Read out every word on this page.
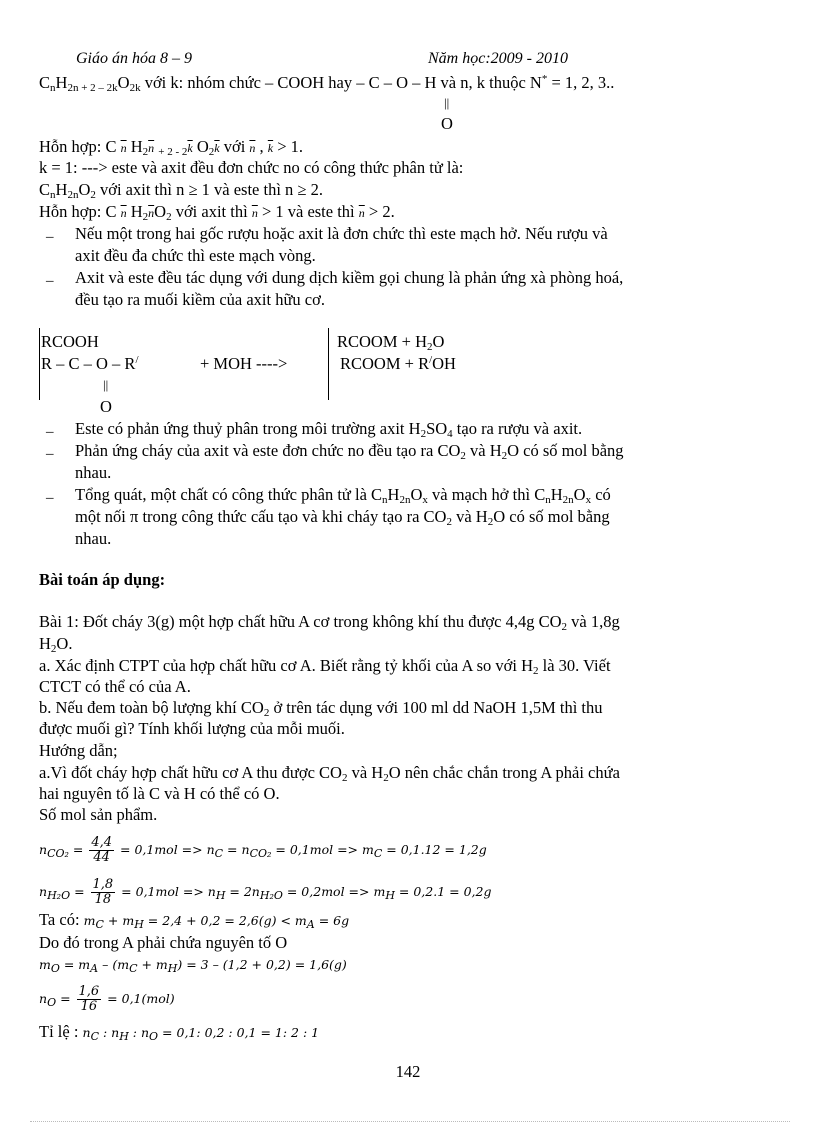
Giáo án hóa 8 – 9	Năm học:2009 - 2010
$C_nH_{2n + 2 - 2k}O_{2k}$ với k: nhóm chức – COOH hay – C – O – H và n, k thuộc N* = 1, 2, 3..
||
O
Hỗn hợp: C $\overline{n}$ $H_2\overline{n}$ $_{+ 2 - 2}\overline{k}$ $O_2\overline{k}$ với $\overline{n}$ , $\overline{k} > 1$.
k = 1: ---> este và axit đều đơn chức no có công thức phân tử là:
$C_nH_{2n}O_2$ với axit thì n ≥ 1 và este thì n ≥ 2.
Hỗn hợp: C $\overline{n}$ $H_2\overline{n}O_2$ với axit thì $\overline{n} > 1$ và este thì $\overline{n} > 2$.
– Nếu một trong hai gốc rượu hoặc axit là đơn chức thì este mạch hở. Nếu rượu và
axit đều đa chức thì este mạch vòng.
– Axit và este đều tác dụng với dung dịch kiềm gọi chung là phản ứng xà phòng hoá,
đều tạo ra muối kiềm của axit hữu cơ.
RCOOH
R – C – O – R/	+ MOH ---->
||
O
RCOOM + $H_2O$
RCOOM + R/OH
– Este có phản ứng thuỷ phân trong môi trường axit $H_2SO_4$ tạo ra rượu và axit.
– Phản ứng cháy của axit và este đơn chức no đều tạo ra $CO_2$ và $H_2O$ có số mol bằng
nhau.
– Tổng quát, một chất có công thức phân tử là $C_nH_{2n}O_x$ và mạch hở thì $C_nH_{2n}O_x$ có
một nối π trong công thức cấu tạo và khi cháy tạo ra $CO_2$ và $H_2O$ có số mol bằng
nhau.
Bài toán áp dụng:
Bài 1: Đốt cháy 3(g) một hợp chất hữu A cơ trong không khí thu được 4,4g $CO_2$ và 1,8g
$H_2O$.
a. Xác định CTPT của hợp chất hữu cơ A. Biết rằng tỷ khối của A so với $H_2$ là 30. Viết
CTCT có thể có của A.
b. Nếu đem toàn bộ lượng khí $CO_2$ ở trên tác dụng với 100 ml dd NaOH 1,5M thì thu
được muối gì? Tính khối lượng của mỗi muối.
Hướng dẫn;
a.Vì đốt cháy hợp chất hữu cơ A thu được $CO_2$ và $H_2O$ nên chắc chắn trong A phải chứa
hai nguyên tố là C và H có thể có O.
Số mol sản phẩm.
$n_{CO_2} = \frac{4,4}{44} = 0,1mol => n_C = n_{CO_2} = 0,1mol => m_C = 0,1.12 = 1,2g$
$n_{H_2O} = \frac{1,8}{18} = 0,1mol => n_H = 2n_{H_2O} = 0,2mol => m_H = 0,2.1 = 0,2g$
Ta có: $m_C + m_H = 2,4 + 0,2 = 2,6(g) < m_A = 6g$
Do đó trong A phải chứa nguyên tố O
$m_O = m_A - (m_C + m_H) = 3 - (1,2 + 0,2) = 1,6(g)$
$n_O = \frac{1,6}{16} = 0,1(mol)$
Tỉ lệ : $n_C$ : $n_H$ : $n_O = 0,1$: 0,2 : 0,1 = 1: 2 : 1
142
